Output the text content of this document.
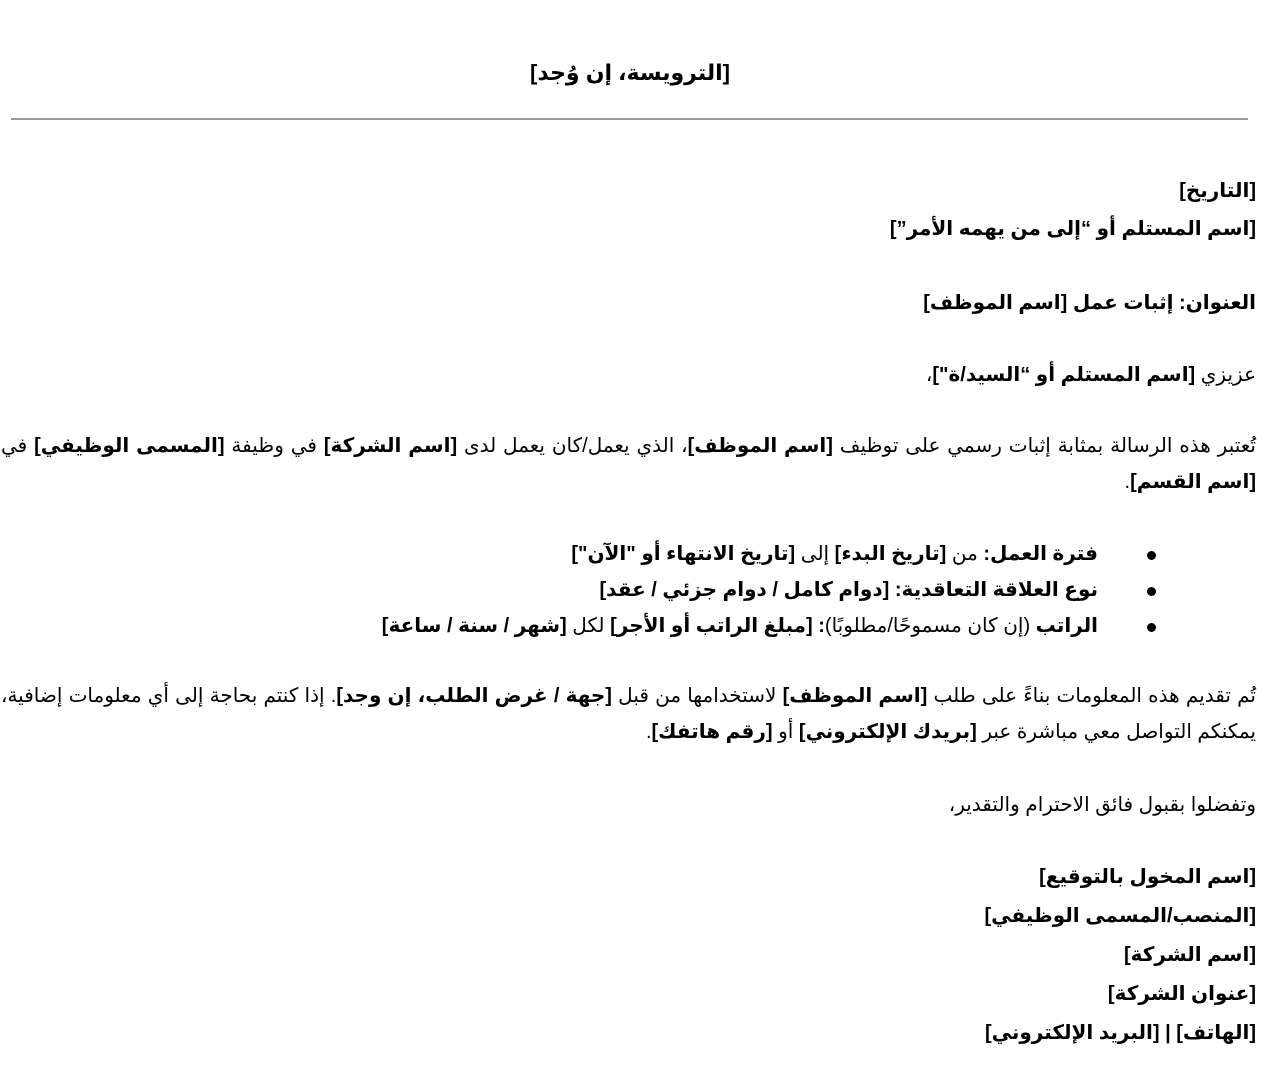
[الترويسة، إن وُجد]
[التاريخ]
[اسم المستلم أو “إلى من يهمه الأمر”]
العنوان: إثبات عمل [اسم الموظف]
عزيزي [اسم المستلم أو “السيد/ة"]،

تُعتبر هذه الرسالة بمثابة إثبات رسمي على توظيف [اسم الموظف]، الذي يعمل/كان يعمل لدى [اسم الشركة] في وظيفة [المسمى الوظيفي] في [اسم القسم].

فترة العمل: من [تاريخ البدء] إلى [تاريخ الانتهاء أو "الآن"]
نوع العلاقة التعاقدية: [دوام كامل / دوام جزئي / عقد]
الراتب (إن كان مسموحًا/مطلوبًا): [مبلغ الراتب أو الأجر] لكل [شهر / سنة / ساعة]

تُم تقديم هذه المعلومات بناءً على طلب [اسم الموظف] لاستخدامها من قبل [جهة / غرض الطلب، إن وجد]. إذا كنتم بحاجة إلى أي معلومات إضافية، يمكنكم التواصل معي مباشرة عبر [بريدك الإلكتروني] أو [رقم هاتفك].

وتفضلوا بقبول فائق الاحترام والتقدير،
[اسم المخول بالتوقيع]
[المنصب/المسمى الوظيفي]
[اسم الشركة]
[عنوان الشركة]
[الهاتف] | [البريد الإلكتروني]
